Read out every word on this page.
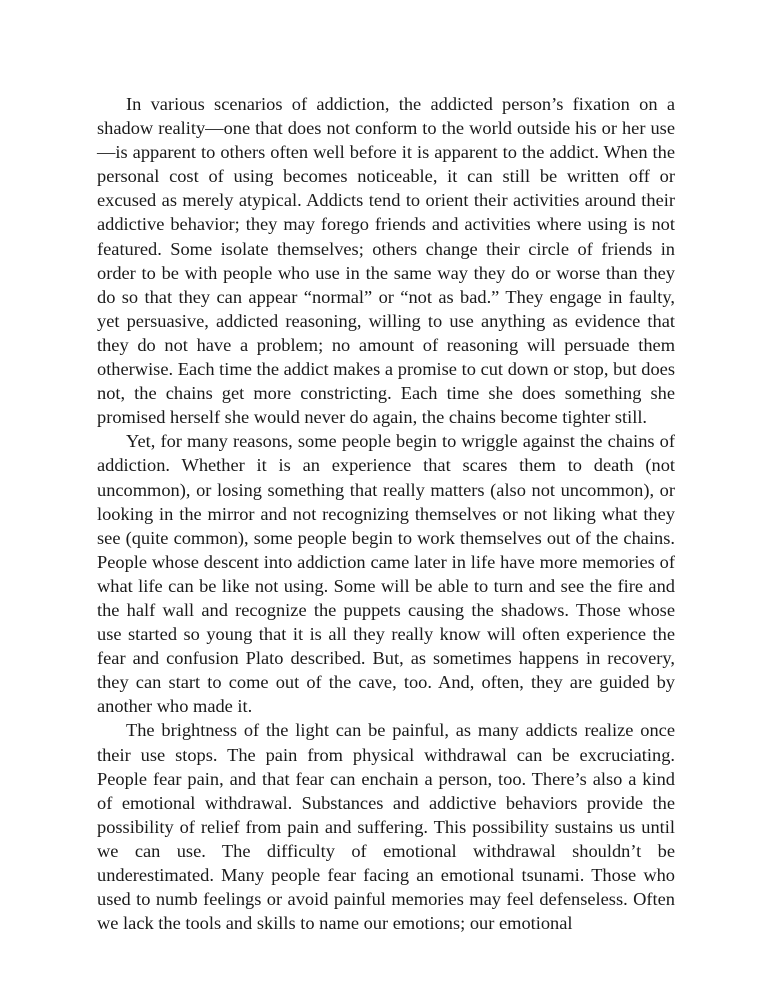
In various scenarios of addiction, the addicted person’s fixation on a shadow reality—one that does not conform to the world outside his or her use—is apparent to others often well before it is apparent to the addict. When the personal cost of using becomes noticeable, it can still be written off or excused as merely atypical. Addicts tend to orient their activities around their addictive behavior; they may forego friends and activities where using is not featured. Some isolate themselves; others change their circle of friends in order to be with people who use in the same way they do or worse than they do so that they can appear “normal” or “not as bad.” They engage in faulty, yet persuasive, addicted reasoning, willing to use anything as evidence that they do not have a problem; no amount of reasoning will persuade them otherwise. Each time the addict makes a promise to cut down or stop, but does not, the chains get more constricting. Each time she does something she promised herself she would never do again, the chains become tighter still.

Yet, for many reasons, some people begin to wriggle against the chains of addiction. Whether it is an experience that scares them to death (not uncommon), or losing something that really matters (also not uncommon), or looking in the mirror and not recognizing themselves or not liking what they see (quite common), some people begin to work themselves out of the chains. People whose descent into addiction came later in life have more memories of what life can be like not using. Some will be able to turn and see the fire and the half wall and recognize the puppets causing the shadows. Those whose use started so young that it is all they really know will often experience the fear and confusion Plato described. But, as sometimes happens in recovery, they can start to come out of the cave, too. And, often, they are guided by another who made it.

The brightness of the light can be painful, as many addicts realize once their use stops. The pain from physical withdrawal can be excruciating. People fear pain, and that fear can enchain a person, too. There’s also a kind of emotional withdrawal. Substances and addictive behaviors provide the possibility of relief from pain and suffering. This possibility sustains us until we can use. The difficulty of emotional withdrawal shouldn’t be underestimated. Many people fear facing an emotional tsunami. Those who used to numb feelings or avoid painful memories may feel defenseless. Often we lack the tools and skills to name our emotions; our emotional
